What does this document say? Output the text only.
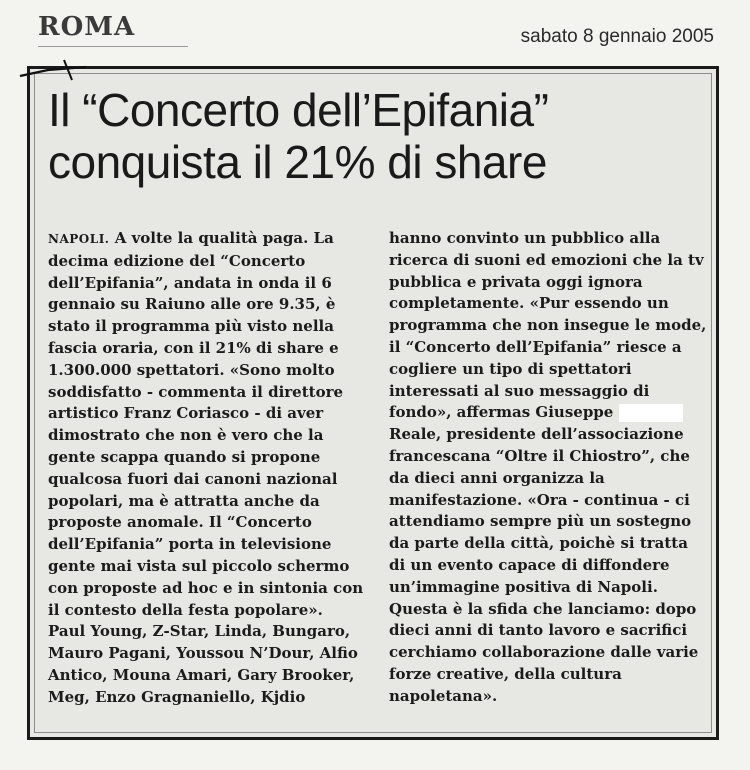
ROMA	sabato 8 gennaio 2005
Il “Concerto dell’Epifania”
conquista il 21% di share
NAPOLI. A volte la qualità paga. La
decima edizione del “Concerto
dell’Epifania”, andata in onda il 6
gennaio su Raiuno alle ore 9.35, è
stato il programma più visto nella
fascia oraria, con il 21% di share e
1.300.000 spettatori. «Sono molto
soddisfatto - commenta il direttore
artistico Franz Coriasco - di aver
dimostrato che non è vero che la
gente scappa quando si propone
qualcosa fuori dai canoni nazional
popolari, ma è attratta anche da
proposte anomale. Il “Concerto
dell’Epifania” porta in televisione
gente mai vista sul piccolo schermo
con proposte ad hoc e in sintonia con
il contesto della festa popolare».
Paul Young, Z-Star, Linda, Bungaro,
Mauro Pagani, Youssou N’Dour, Alfio
Antico, Mouna Amari, Gary Brooker,
Meg, Enzo Gragnaniello, Kjdio
hanno convinto un pubblico alla
ricerca di suoni ed emozioni che la tv
pubblica e privata oggi ignora
completamente. «Pur essendo un
programma che non insegue le mode,
il “Concerto dell’Epifania” riesce a
cogliere un tipo di spettatori
interessati al suo messaggio di
fondo», affermas Giuseppe
Reale, presidente dell’associazione
francescana “Oltre il Chiostro”, che
da dieci anni organizza la
manifestazione. «Ora - continua - ci
attendiamo sempre più un sostegno
da parte della città, poichè si tratta
di un evento capace di diffondere
un’immagine positiva di Napoli.
Questa è la sfida che lanciamo: dopo
dieci anni di tanto lavoro e sacrifici
cerchiamo collaborazione dalle varie
forze creative, della cultura
napoletana».
